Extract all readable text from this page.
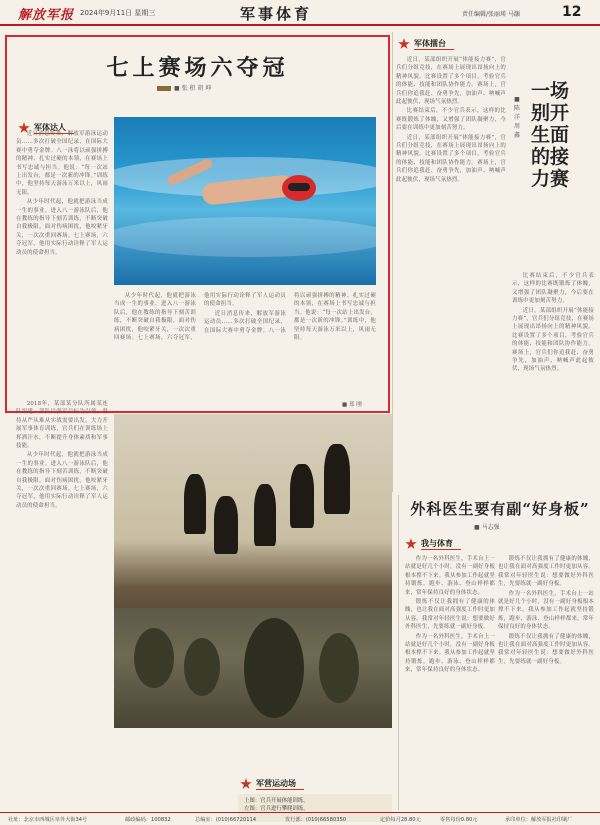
解放军报 2024年9月11日 星期三	军事体育	责任编辑/张丽瑛 马灏	12
七上赛场六夺冠
■ 张 积 胡 坤
军体达人

近日消息传来，解放军游泳运动员……多次打破全国纪录，在国际大赛中勇夺金牌。八一泳将以顽强拼搏的精神、扎实过硬的本领，在赛场上书写忠诚与担当。他说：“每一次站上出发台，都是一次新的冲锋。”训练中，他坚持每天游泳万米以上，风雨无阻。

从少年时代起，他就把游泳当成一生的事业。进入八一游泳队后，他在教练的指导下刻苦训练，不断突破自我极限。面对伤病困扰，他咬紧牙关，一次次重回赛场。七上赛场，六夺冠军，他用实际行动诠释了军人运动员的使命担当。

从少年时代起，他就把游泳当成一生的事业。进入八一游泳队后，他在教练的指导下刻苦训练，不断突破自我极限。面对伤病困扰，他咬紧牙关，一次次重回赛场。七上赛场，六夺冠军，他用实际行动诠释了军人运动员的使命担当。

近日消息传来，解放军游泳运动员……多次打破全国纪录，在国际大赛中勇夺金牌。八一泳将以顽强拼搏的精神、扎实过硬的本领，在赛场上书写忠诚与担当。他说：“每一次站上出发台，都是一次新的冲锋。”训练中，他坚持每天游泳万米以上，风雨无阻。

■ 郑 刚
军体擂台

近日，某部组织开展“体能接力赛”，官兵们分组竞技，在赛场上展现出昂扬向上的精神风貌。比赛设置了多个项目，考验官兵的体能、技能和团队协作能力。赛场上，官兵们你追我赶、奋勇争先，加油声、呐喊声此起彼伏，现场气氛热烈。

比赛结束后，不少官兵表示，这样的比赛既锻炼了体魄，又增强了团队凝聚力，今后要在训练中更加刻苦努力。

近日，某部组织开展“体能接力赛”，官兵们分组竞技，在赛场上展现出昂扬向上的精神风貌。比赛设置了多个项目，考验官兵的体能、技能和团队协作能力。赛场上，官兵们你追我赶、奋勇争先，加油声、呐喊声此起彼伏，现场气氛热烈。

一场别开生面的接力赛
■ 陈 洋 周 鑫

比赛结束后，不少官兵表示，这样的比赛既锻炼了体魄，又增强了团队凝聚力，今后要在训练中更加刻苦努力。

近日，某部组织开展“体能接力赛”，官兵们分组竞技，在赛场上展现出昂扬向上的精神风貌。比赛设置了多个项目，考验官兵的体能、技能和团队协作能力。赛场上，官兵们你追我赶、奋勇争先，加油声、呐喊声此起彼伏，现场气氛热烈。

军营运动场
上图：官兵开展体能训练。
左图：官兵进行攀爬训练。

2018年，某部某分队所属某连队组建，部队以强军目标为引领，坚持从严从难从实战需要出发，大力开展军事体育训练，官兵们在训练场上挥洒汗水，不断提升身体素质和军事技能。

从少年时代起，他就把游泳当成一生的事业。进入八一游泳队后，他在教练的指导下刻苦训练，不断突破自我极限。面对伤病困扰，他咬紧牙关，一次次重回赛场。七上赛场，六夺冠军，他用实际行动诠释了军人运动员的使命担当。	外科医生要有副“好身板”
■ 马志强
我与体育

作为一名外科医生，手术台上一站就是好几个小时，没有一副好身板根本撑不下来。我从参加工作起就坚持锻炼，跑步、游泳、登山样样都来，常年保持良好的身体状态。

锻炼不仅让我拥有了健康的体魄，也让我在面对高强度工作时更加从容。我常对年轻医生说：想要做好外科医生，先要练就一副好身板。

作为一名外科医生，手术台上一站就是好几个小时，没有一副好身板根本撑不下来。我从参加工作起就坚持锻炼，跑步、游泳、登山样样都来，常年保持良好的身体状态。

锻炼不仅让我拥有了健康的体魄，也让我在面对高强度工作时更加从容。我常对年轻医生说：想要做好外科医生，先要练就一副好身板。

作为一名外科医生，手术台上一站就是好几个小时，没有一副好身板根本撑不下来。我从参加工作起就坚持锻炼，跑步、游泳、登山样样都来，常年保持良好的身体状态。

锻炼不仅让我拥有了健康的体魄，也让我在面对高强度工作时更加从容。我常对年轻医生说：想要做好外科医生，先要练就一副好身板。

社址：北京市西城区阜外大街34号	邮政编码：100832	总编室：(010)66720114	发行部：(010)66580350	定价每月28.80元	零售每份0.80元	承印单位：解放军报社印刷厂
